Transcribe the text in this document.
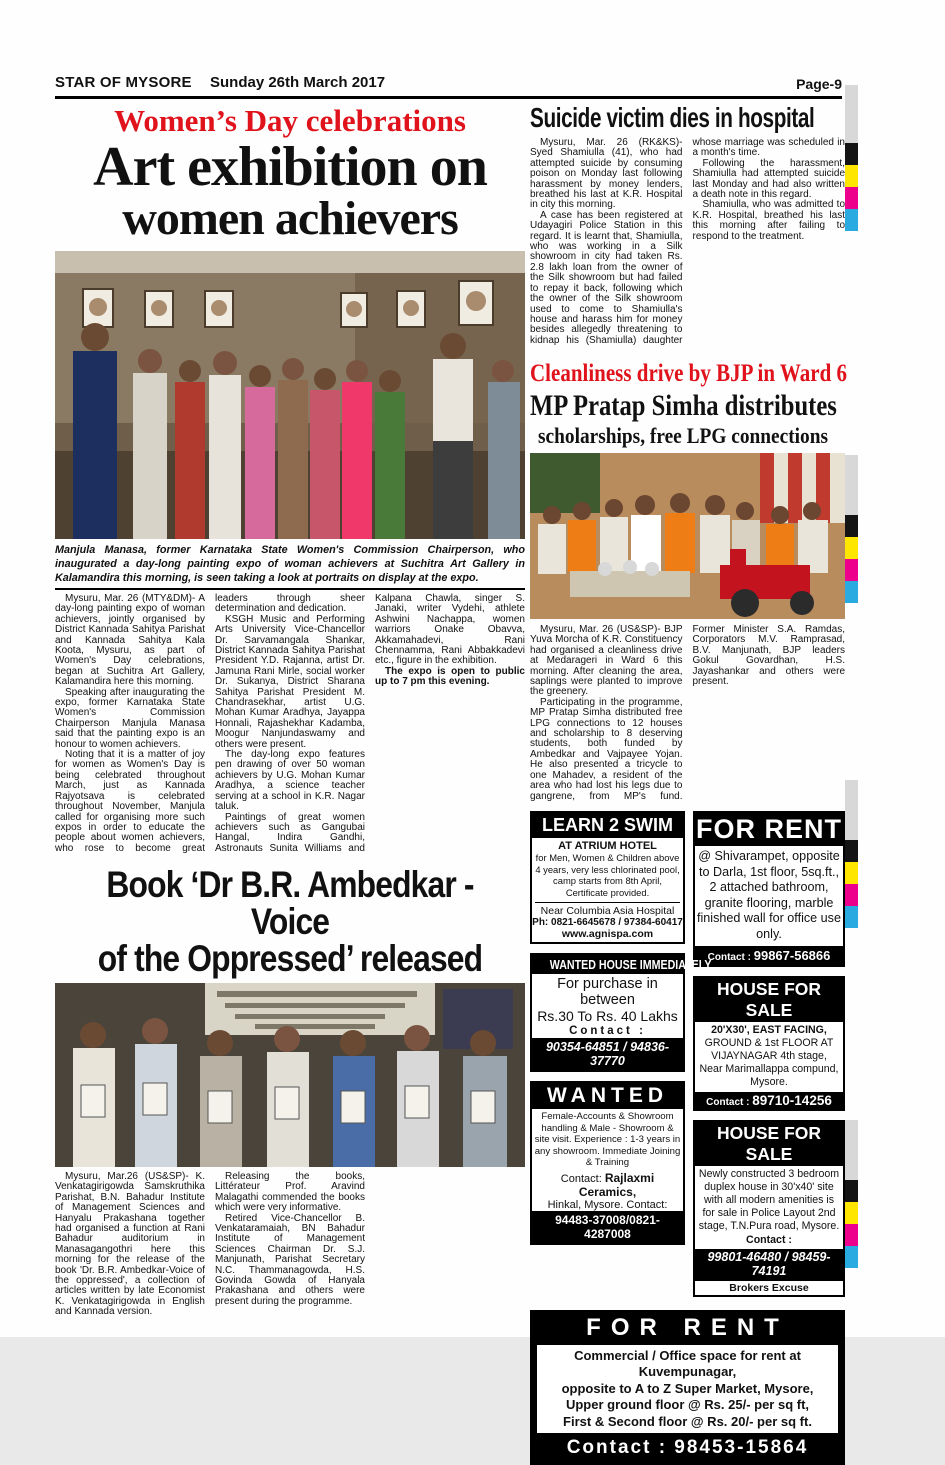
STAR OF MYSORE Sunday 26th March 2017	Page-9
Women’s Day celebrations
Art exhibition on
women achievers

Manjula Manasa, former Karnataka State Women's Commission Chairperson, who inaugurated a day-long painting expo of woman achievers at Suchitra Art Gallery in Kalamandira this morning, is seen taking a look at portraits on display at the expo.

Mysuru, Mar. 26 (MTY&DM)- A day-long painting expo of woman achievers, jointly organised by District Kannada Sahitya Parishat and Kannada Sahitya Kala Koota, Mysuru, as part of Women's Day celebrations, began at Suchitra Art Gallery, Kalamandira here this morning.

Speaking after inaugurating the expo, former Karnataka State Women's Commission Chairperson Manjula Manasa said that the painting expo is an honour to women achievers.

Noting that it is a matter of joy for women as Women's Day is being celebrated throughout March, just as Kannada Rajyotsava is celebrated throughout November, Manjula called for organising more such expos in order to educate the people about women achievers, who rose to become great leaders through sheer determination and dedication.

KSGH Music and Performing Arts University Vice-Chancellor Dr. Sarvamangala Shankar, District Kannada Sahitya Parishat President Y.D. Rajanna, artist Dr. Jamuna Rani Mirle, social worker Dr. Sukanya, District Sharana Sahitya Parishat President M. Chandrasekhar, artist U.G. Mohan Kumar Aradhya, Jayappa Honnali, Rajashekhar Kadamba, Moogur Nanjundaswamy and others were present.

The day-long expo features pen drawing of over 50 woman achievers by U.G. Mohan Kumar Aradhya, a science teacher serving at a school in K.R. Nagar taluk.

Paintings of great women achievers such as Gangubai Hangal, Indira Gandhi, Astronauts Sunita Williams and Kalpana Chawla, singer S. Janaki, writer Vydehi, athlete Ashwini Nachappa, women warriors Onake Obavva, Akkamahadevi, Rani Chennamma, Rani Abbakkadevi etc., figure in the exhibition.

The expo is open to public up to 7 pm this evening.

Book ‘Dr B.R. Ambedkar - Voice
of the Oppressed’ released

Mysuru, Mar.26 (US&SP)- K. Venkatagirigowda Samskruthika Parishat, B.N. Bahadur Institute of Management Sciences and Hanyalu Prakashana together had organised a function at Rani Bahadur auditorium in Manasagangothri here this morning for the release of the book 'Dr. B.R. Ambedkar-Voice of the oppressed', a collection of articles written by late Economist K. Venkatagirigowda in English and Kannada version.

Releasing the books, Littérateur Prof. Aravind Malagathi commended the books which were very informative.

Retired Vice-Chancellor B. Venkataramaiah, BN Bahadur Institute of Management Sciences Chairman Dr. S.J. Manjunath, Parishat Secretary N.C. Thammanagowda, H.S. Govinda Gowda of Hanyala Prakashana and others were present during the programme.

Suicide victim dies in hospital

Mysuru, Mar. 26 (RK&KS)- Syed Shamiulla (41), who had attempted suicide by consuming poison on Monday last following harassment by money lenders, breathed his last at K.R. Hospital in city this morning.

A case has been registered at Udayagiri Police Station in this regard. It is learnt that, Shamiulla, who was working in a Silk showroom in city had taken Rs. 2.8 lakh loan from the owner of the Silk showroom but had failed to repay it back, following which the owner of the Silk showroom used to come to Shamiulla's house and harass him for money besides allegedly threatening to kidnap his (Shamiulla) daughter whose marriage was scheduled in a month's time.

Following the harassment, Shamiulla had attempted suicide last Monday and had also written a death note in this regard.

Shamiulla, who was admitted to K.R. Hospital, breathed his last this morning after failing to respond to the treatment.

Cleanliness drive by BJP in Ward 6
MP Pratap Simha distributes
scholarships, free LPG connections

Mysuru, Mar. 26 (US&SP)- BJP Yuva Morcha of K.R. Constituency had organised a cleanliness drive at Medarageri in Ward 6 this morning. After cleaning the area, saplings were planted to improve the greenery.

Participating in the programme, MP Pratap Simha distributed free LPG connections to 12 houses and scholarship to 8 deserving students, both funded by Ambedkar and Vajpayee Yojan. He also presented a tricycle to one Mahadev, a resident of the area who had lost his legs due to gangrene, from MP's fund. Former Minister S.A. Ramdas, Corporators M.V. Ramprasad, B.V. Manjunath, BJP leaders Gokul Govardhan, H.S. Jayashankar and others were present.

LEARN 2 SWIM
AT ATRIUM HOTEL
for Men, Women & Children above 4 years, very less chlorinated pool, camp starts from 8th April, Certificate provided.
Near Columbia Asia Hospital
Ph: 0821-6645678 / 97384-60417
www.agnispa.com
WANTED HOUSE IMMEDIATELY
For purchase in between
Rs.30 To Rs. 40 Lakhs
Contact :
90354-64851 / 94836-37770
WANTED
Female-Accounts & Showroom handling & Male - Showroom & site visit. Experience : 1-3 years in any showroom. Immediate Joining & Training
Contact: Rajlaxmi Ceramics,
Hinkal, Mysore. Contact:
94483-37008/0821-4287008
FOR RENT
@ Shivarampet, opposite to Darla, 1st floor, 5sq.ft., 2 attached bathroom, granite flooring, marble finished wall for office use only.
Contact : 99867-56866
HOUSE FOR SALE
20'X30', EAST FACING,
GROUND & 1st FLOOR AT VIJAYNAGAR 4th stage,
Near Marimallappa compund, Mysore.
Contact : 89710-14256
HOUSE FOR SALE
Newly constructed 3 bedroom duplex house in 30'x40' site with all modern amenities is for sale in Police Layout 2nd stage, T.N.Pura road, Mysore. Contact :
99801-46480 / 98459-74191
Brokers Excuse
FOR RENT
Commercial / Office space for rent at Kuvempunagar,
opposite to A to Z Super Market, Mysore,
Upper ground floor @ Rs. 25/- per sq ft,
First & Second floor @ Rs. 20/- per sq ft.
Contact : 98453-15864
